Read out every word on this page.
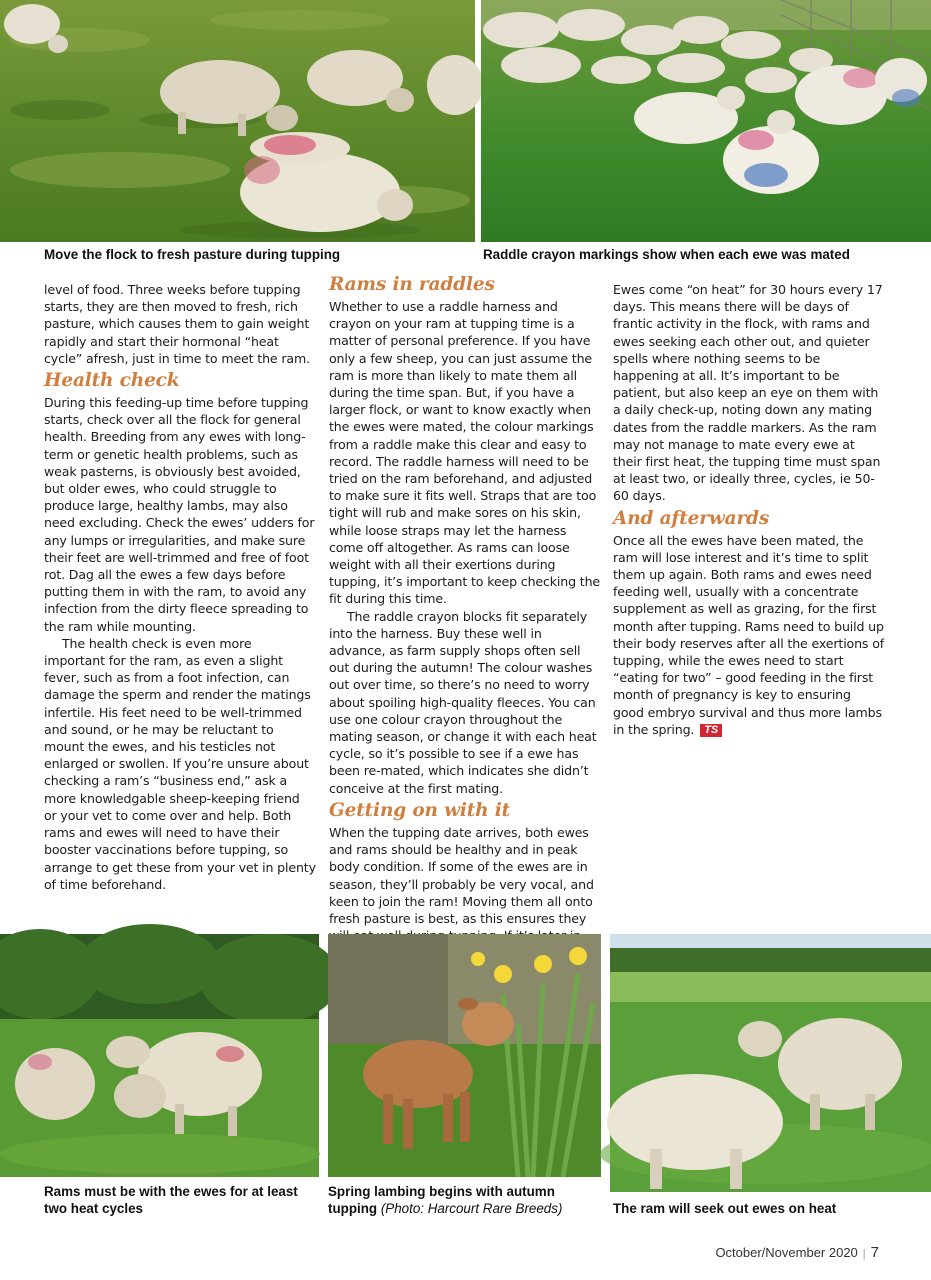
Move the flock to fresh pasture during tupping	Raddle crayon markings show when each ewe was mated

level of food. Three weeks before tupping starts, they are then moved to fresh, rich pasture, which causes them to gain weight rapidly and start their hormonal “heat cycle” afresh, just in time to meet the ram.

Health check

During this feeding-up time before tupping starts, check over all the flock for general health. Breeding from any ewes with long-term or genetic health problems, such as weak pasterns, is obviously best avoided, but older ewes, who could struggle to produce large, healthy lambs, may also need excluding. Check the ewes’ udders for any lumps or irregularities, and make sure their feet are well-trimmed and free of foot rot. Dag all the ewes a few days before putting them in with the ram, to avoid any infection from the dirty fleece spreading to the ram while mounting.

The health check is even more important for the ram, as even a slight fever, such as from a foot infection, can damage the sperm and render the matings infertile. His feet need to be well-trimmed and sound, or he may be reluctant to mount the ewes, and his testicles not enlarged or swollen. If you’re unsure about checking a ram’s “business end,” ask a more knowledgable sheep-keeping friend or your vet to come over and help. Both rams and ewes will need to have their booster vaccinations before tupping, so arrange to get these from your vet in plenty of time beforehand.

Rams in raddles

Whether to use a raddle harness and crayon on your ram at tupping time is a matter of personal preference. If you have only a few sheep, you can just assume the ram is more than likely to mate them all during the time span. But, if you have a larger flock, or want to know exactly when the ewes were mated, the colour markings from a raddle make this clear and easy to record. The raddle harness will need to be tried on the ram beforehand, and adjusted to make sure it fits well. Straps that are too tight will rub and make sores on his skin, while loose straps may let the harness come off altogether. As rams can loose weight with all their exertions during tupping, it’s important to keep checking the fit during this time.

The raddle crayon blocks fit separately into the harness. Buy these well in advance, as farm supply shops often sell out during the autumn! The colour washes out over time, so there’s no need to worry about spoiling high-quality fleeces. You can use one colour crayon throughout the mating season, or change it with each heat cycle, so it’s possible to see if a ewe has been re-mated, which indicates she didn’t conceive at the first mating.

Getting on with it

When the tupping date arrives, both ewes and rams should be healthy and in peak body condition. If some of the ewes are in season, they’ll probably be very vocal, and keen to join the ram! Moving them all onto fresh pasture is best, as this ensures they

Ewes come “on heat” for 30 hours every 17 days. This means there will be days of frantic activity in the flock, with rams and ewes seeking each other out, and quieter spells where nothing seems to be happening at all. It’s important to be patient, but also keep an eye on them with a daily check-up, noting down any mating dates from the raddle markers. As the ram may not manage to mate every ewe at their first heat, the tupping time must span at least two, or ideally three, cycles, ie 50-60 days.

And afterwards

Once all the ewes have been mated, the ram will lose interest and it’s time to split them up again. Both rams and ewes need feeding well, usually with a concentrate supplement as well as grazing, for the first month after tupping. Rams need to build up their body reserves after all the exertions of tupping, while the ewes need to start “eating for two” – good feeding in the first month of pregnancy is key to ensuring good embryo survival and thus more lambs in the spring. TS

Rams must be with the ewes for at least two heat cycles
Spring lambing begins with autumn tupping (Photo: Harcourt Rare Breeds)	The ram will seek out ewes on heat
October/November 2020 | 7
